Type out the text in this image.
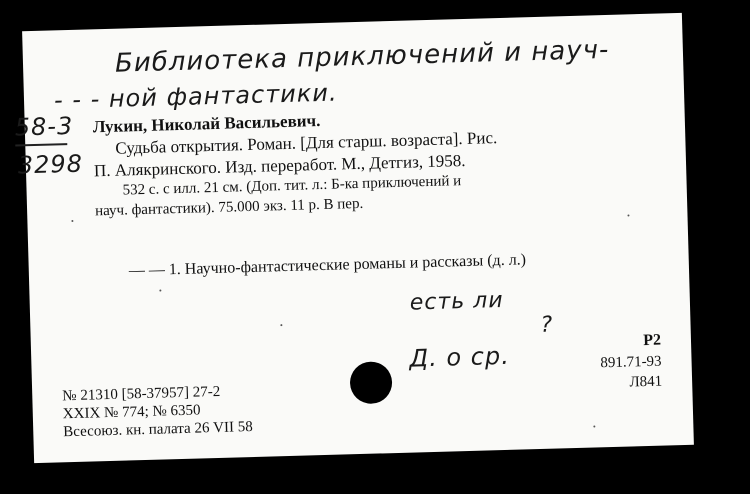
Библиотека приключений и науч-
- - - ной фантастики.
58-3
3298
Лукин, Николай Васильевич.
Судьба открытия. Роман. [Для старш. возраста]. Рис.
П. Алякринского. Изд. переработ. М., Детгиз, 1958.
532 с. с илл. 21 см. (Доп. тит. л.: Б-ка приключений и
науч. фантастики). 75.000 экз. 11 р. В пер.
— — 1. Научно-фантастические романы и рассказы (д. л.)
есть ли
?
Д. о ср.
№ 21310 [58-37957] 27-2
XXIX № 774; № 6350
Всесоюз. кн. палата 26 VII 58
Р2
891.71-93
Л841
